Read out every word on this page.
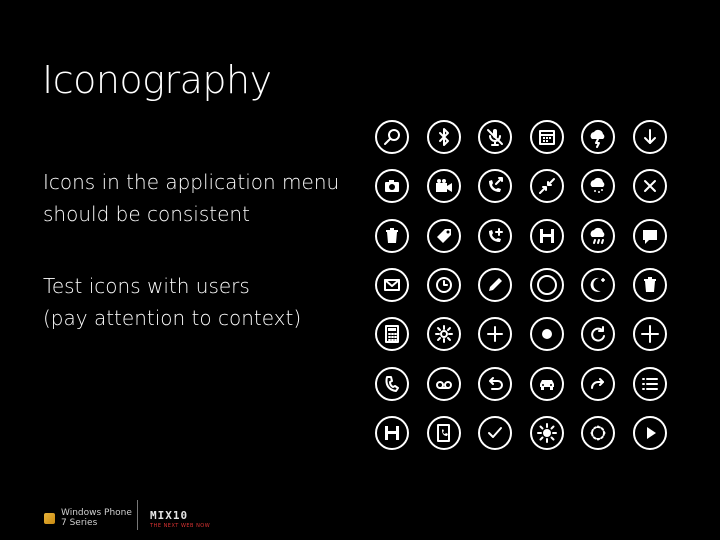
Iconography
Icons in the application menu
should be consistent
Test icons with users
(pay attention to context)
Windows Phone
7 Series
MIX10
THE NEXT WEB NOW
